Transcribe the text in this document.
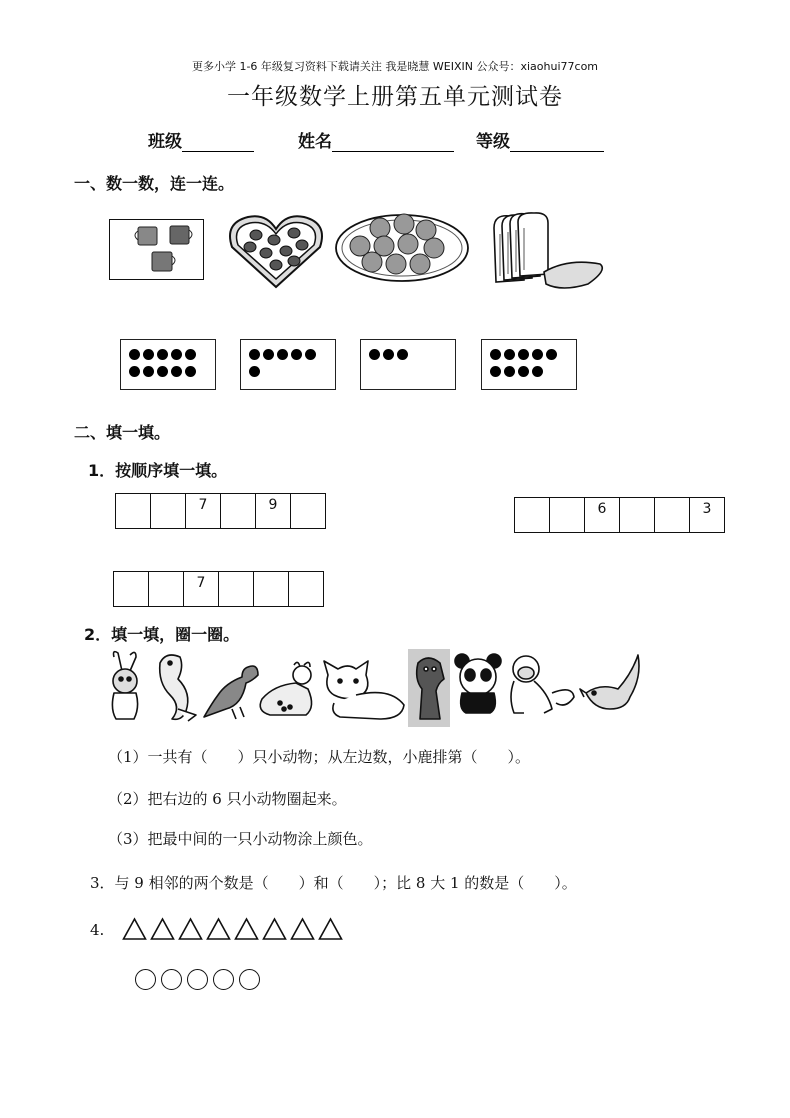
更多小学 1-6 年级复习资料下载请关注 我是晓慧 WEIXIN 公众号：xiaohui77com
一年级数学上册第五单元测试卷
班级	姓名	等级
一、数一数，连一连。
二、填一填。
1．按顺序填一填。
		7		9	
			6			3
		7			
2．填一填，圈一圈。
（1）一共有（　　）只小动物；从左边数，小鹿排第（　　）。
（2）把右边的 6 只小动物圈起来。
（3）把最中间的一只小动物涂上颜色。
3．与 9 相邻的两个数是（　　）和（　　）；比 8 大 1 的数是（　　）。
4.
